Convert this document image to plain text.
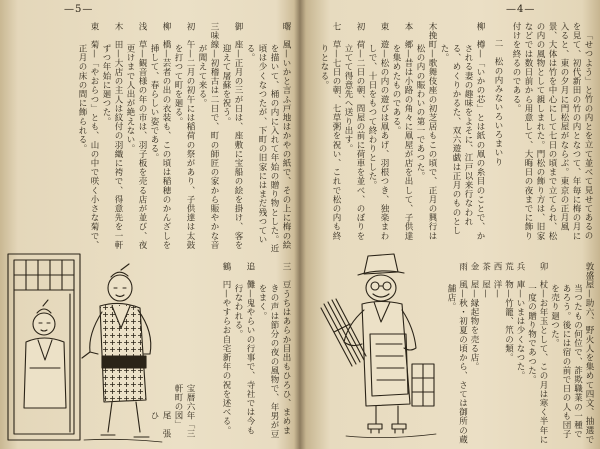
—5—

曙　風—いかと言ふ戸地はかやの紙で、その上に梅の絵を描いて、桶の内に入れて年始の贈り物とした。近頃は少くなつたが、下町の旧家にはまだ残つている。

御　座—正月の三が日は、座敷に宝船の絵を掛け、客を迎えて屠蘇を祝う。

三味線—初稽古は二日で、町の師匠の家から賑やかな音が聞えて来る。

初　午—二月の初午には稲荷の祭があり、子供達は太鼓を打つて町を廻る。

柳　橋—芸者の出の衣装も、この頃は稲穂のかんざしを挿して、春らしい姿である。

浅　草—観音様の年の市は、羽子板を売る店が並び、夜更けまで人出が絶えない。

木　田—大店の主人は紋付の羽織に袴で、得意先を一軒ずつ年始に廻つた。

東　菊—「やおらつ」とも、山の中で咲く小さな菊で、正月の床の間に飾られる。

三　豆うちはあらか目出もひろひ、まめまきの声は節分の夜の風物で、年男が豆をまく。

追　儺—鬼やらいの行事で、寺社では今も行なわれる。

鶴　円—やすらお自宅新年の祝を述べる。

宝暦六年「三軒町の図」
尾　張　ひ
—4—

「せつよう」と竹の内とを立て並べて見せてあるのを見て、初代新田の竹の内となつて、年毎に梅の月に入ると、東の夕月に門松屋がならぶ。東京の正月風景、大体は竹を中心にして七日の頃まで立てられ、松の内の風物として親しまれた。門松の飾り方は、旧家などでは数日前から用意して、大晦日の夜までに飾り付けを終るのである。

二　松の内みないろいろまいり

柳　樽—「いかの芯」とは紙の凧の糸目のことで、かされる妻の趣味をよそに、江戸以来行なわれる、めくりかるた、双六遊戯は正月のものとした。

木挽町—歌舞伎座の初芝居もこの頃で、正月の興行は松の内の賑わいの第一であつた。

本　郷—昔は小路の角々に凧屋が店を出して、子供達を集めたものである。

東　遊—松の内の遊びは凧あげ、羽根つき、独楽まわしで、十日をもつて終わりとした。

初　荷—二日の朝、問屋の前に荷車を並べ、のぼりを立てて得意先へ送り出す。

七　草—七日の朝、七草粥を祝い、これで松の内も終りとなる。

敦盛屋—助六、野火人を集めて四文、抽選で当つたもの何位で、詐欺職業の一種であろう。後には宿の前で日の人も団子を売り廻つた。

卯　杖—お年玉として、この月は寒く半年に一度の贈り物であつた。

兵　庫—いまは少くなつた。

荒　物—竹籠、笊の類。

西　洋—

茶　屋—

金　屋—縁起物を売る店。

雨　風—秋・初夏の頃から、さては御所の蔵舗店。
